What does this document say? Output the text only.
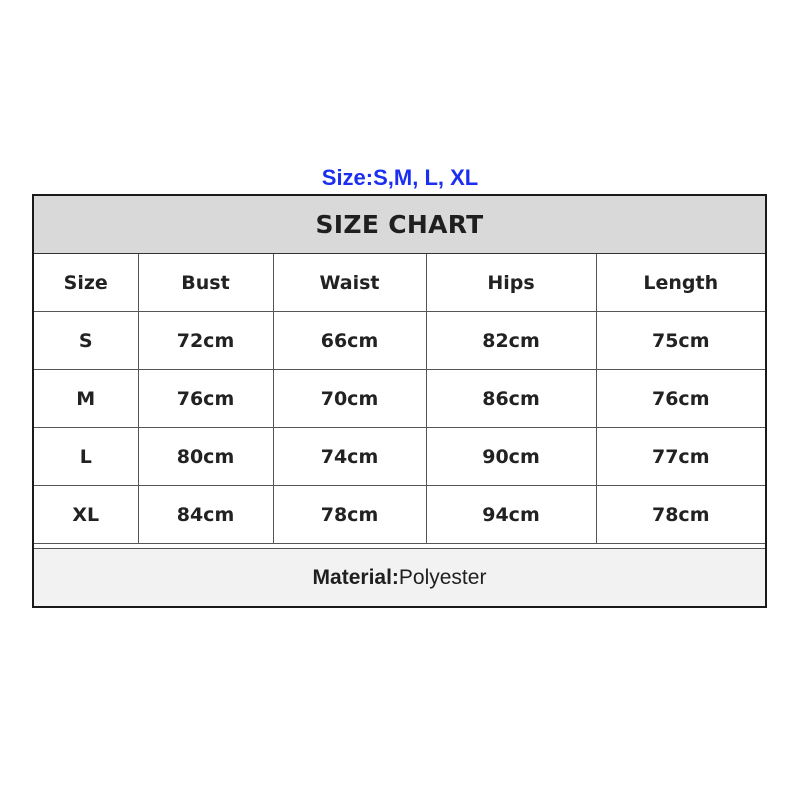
Size:S,M, L, XL
SIZE CHART
Size	Bust	Waist	Hips	Length
S	72cm	66cm	82cm	75cm
M	76cm	70cm	86cm	76cm
L	80cm	74cm	90cm	77cm
XL	84cm	78cm	94cm	78cm
Material: Polyester
